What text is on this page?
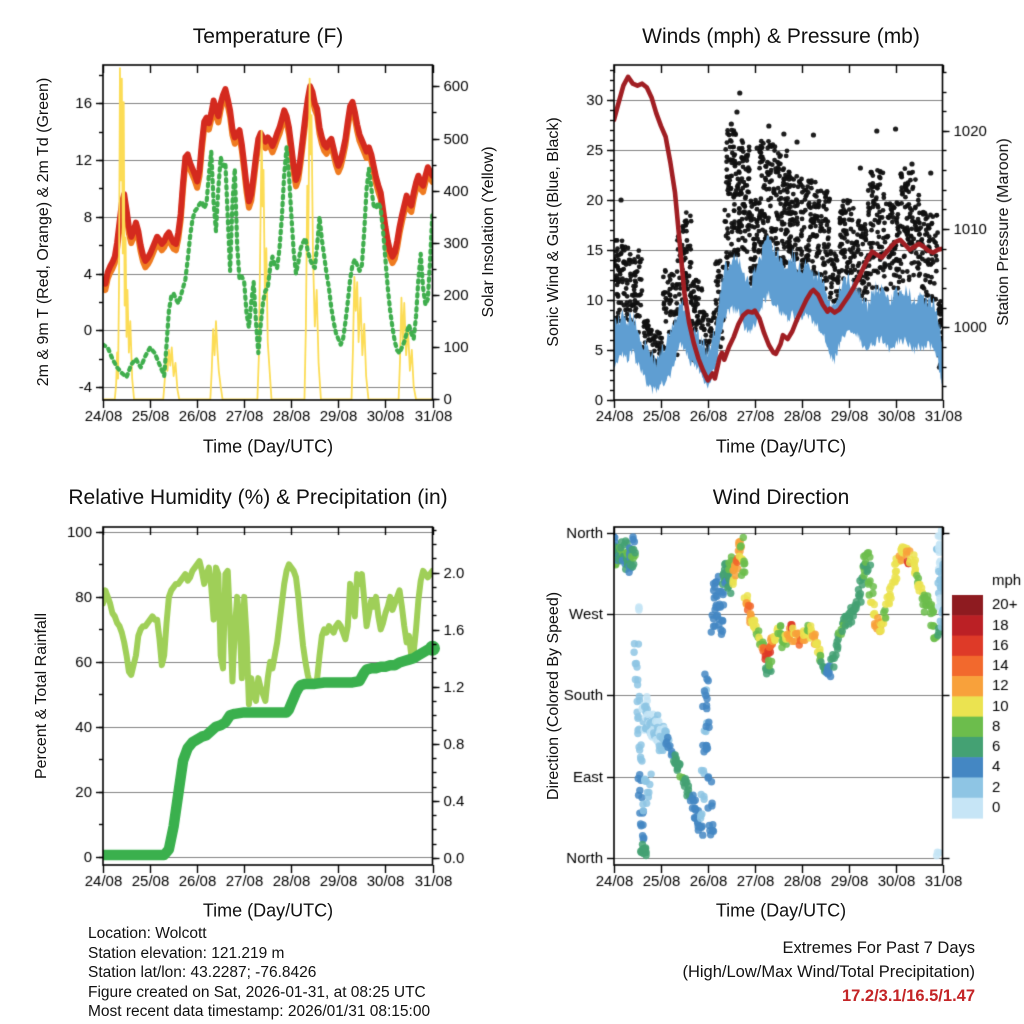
Temperature (F)	Winds (mph) & Pressure (mb)
Relative Humidity (%) & Precipitation (in)	Wind Direction
Time (Day/UTC)	Time (Day/UTC)
Time (Day/UTC)	Time (Day/UTC)
2m & 9m T (Red, Orange) & 2m Td (Green)	Solar Insolation (Yellow)	Sonic Wind & Gust (Blue, Black)	Station Pressure (Maroon)
Percent & Total Rainfall	Direction (Colored By Speed)
Location: Wolcott
Station elevation: 121.219 m
Station lat/lon: 43.2287; -76.8426
Figure created on Sat, 2026-01-31, at 08:25 UTC
Most recent data timestamp: 2026/01/31 08:15:00
Extremes For Past 7 Days
(High/Low/Max Wind/Total Precipitation)
17.2/3.1/16.5/1.47
